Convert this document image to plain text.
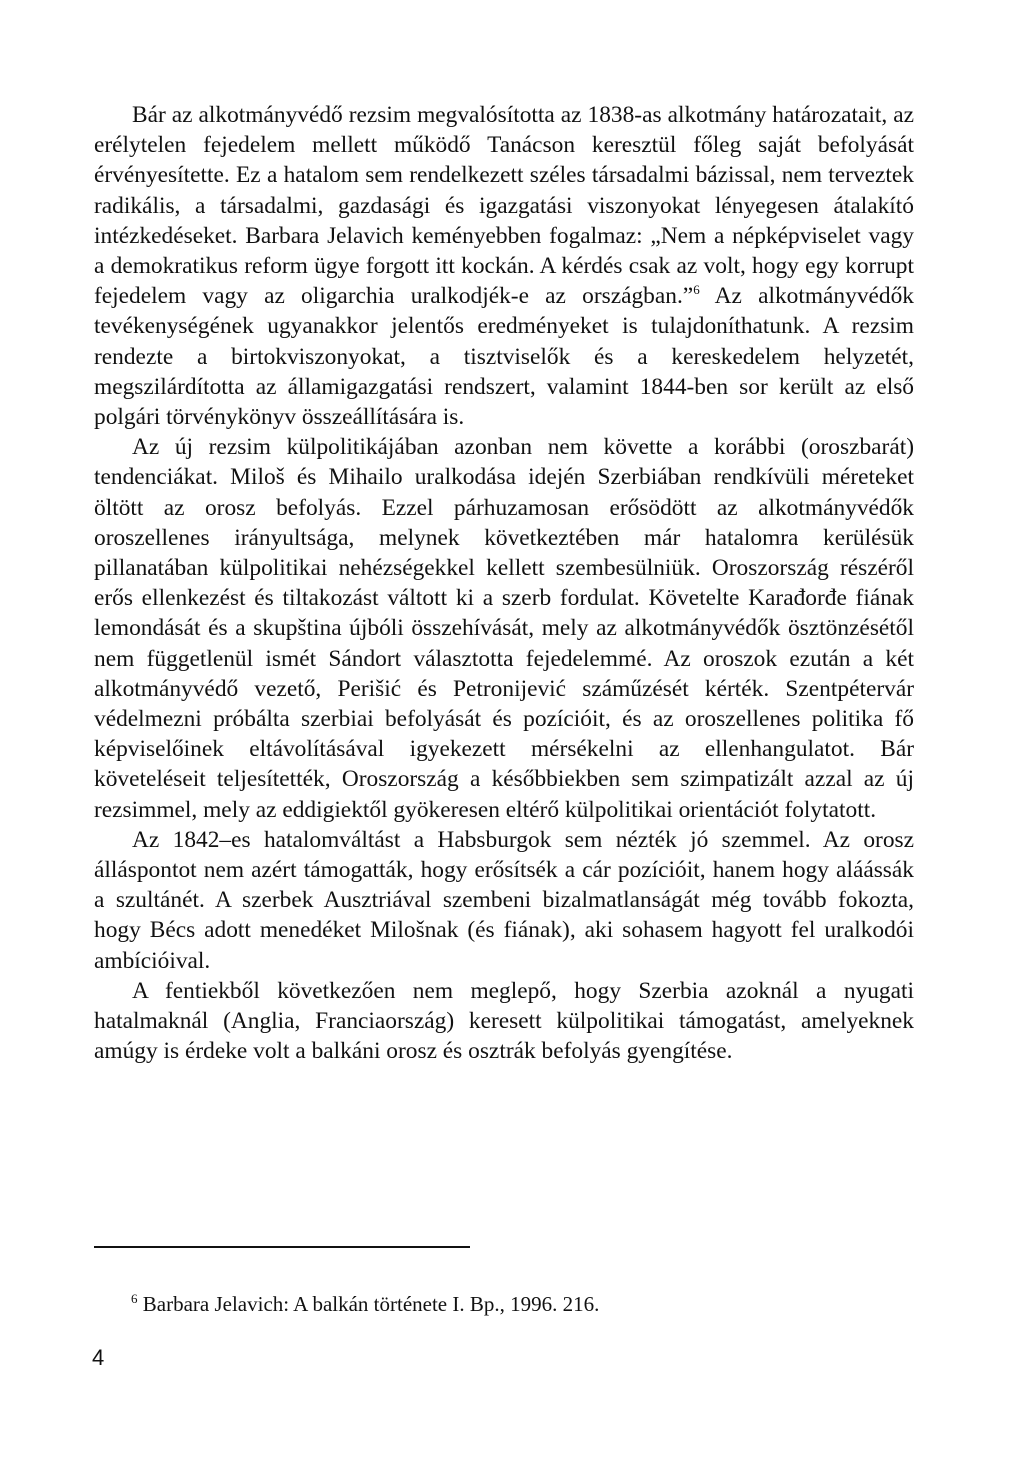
Bár az alkotmányvédő rezsim megvalósította az 1838-as alkotmány határozatait, az erélytelen fejedelem mellett működő Tanácson keresztül főleg saját befolyását érvényesítette. Ez a hatalom sem rendelkezett széles társadalmi bázissal, nem terveztek radikális, a társadalmi, gazdasági és igazgatási viszonyokat lényegesen átalakító intézkedéseket. Barbara Jelavich keményebben fogalmaz: „Nem a népképviselet vagy a demokratikus reform ügye forgott itt kockán. A kérdés csak az volt, hogy egy korrupt fejedelem vagy az oligarchia uralkodjék-e az országban.”$^6$ Az alkotmányvédők tevékenységének ugyanakkor jelentős eredményeket is tulajdoníthatunk. A rezsim rendezte a birtokviszonyokat, a tisztviselők és a kereskedelem helyzetét, megszilárdította az államigazgatási rendszert, valamint 1844-ben sor került az első polgári törvénykönyv összeállítására is.

Az új rezsim külpolitikájában azonban nem követte a korábbi (oroszbarát) tendenciákat. Miloš és Mihailo uralkodása idején Szerbiában rendkívüli méreteket öltött az orosz befolyás. Ezzel párhuzamosan erősödött az alkotmányvédők oroszellenes irányultsága, melynek következtében már hatalomra kerülésük pillanatában külpolitikai nehézségekkel kellett szembesülniük. Oroszország részéről erős ellenkezést és tiltakozást váltott ki a szerb fordulat. Követelte Karađorđe fiának lemondását és a skupština újbóli összehívását, mely az alkotmányvédők ösztönzésétől nem függetlenül ismét Sándort választotta fejedelemmé. Az oroszok ezután a két alkotmányvédő vezető, Perišić és Petronijević száműzését kérték. Szentpétervár védelmezni próbálta szerbiai befolyását és pozícióit, és az oroszellenes politika fő képviselőinek eltávolításával igyekezett mérsékelni az ellenhangulatot. Bár követeléseit teljesítették, Oroszország a későbbiekben sem szimpatizált azzal az új rezsimmel, mely az eddigiektől gyökeresen eltérő külpolitikai orientációt folytatott.

Az 1842–es hatalomváltást a Habsburgok sem nézték jó szemmel. Az orosz álláspontot nem azért támogatták, hogy erősítsék a cár pozícióit, hanem hogy aláássák a szultánét. A szerbek Ausztriával szembeni bizalmatlanságát még tovább fokozta, hogy Bécs adott menedéket Milošnak (és fiának), aki sohasem hagyott fel uralkodói ambícióival.

A fentiekből következően nem meglepő, hogy Szerbia azoknál a nyugati hatalmaknál (Anglia, Franciaország) keresett külpolitikai támogatást, amelyeknek amúgy is érdeke volt a balkáni orosz és osztrák befolyás gyengítése.

$^6$ Barbara Jelavich: A balkán története I. Bp., 1996. 216.
4
